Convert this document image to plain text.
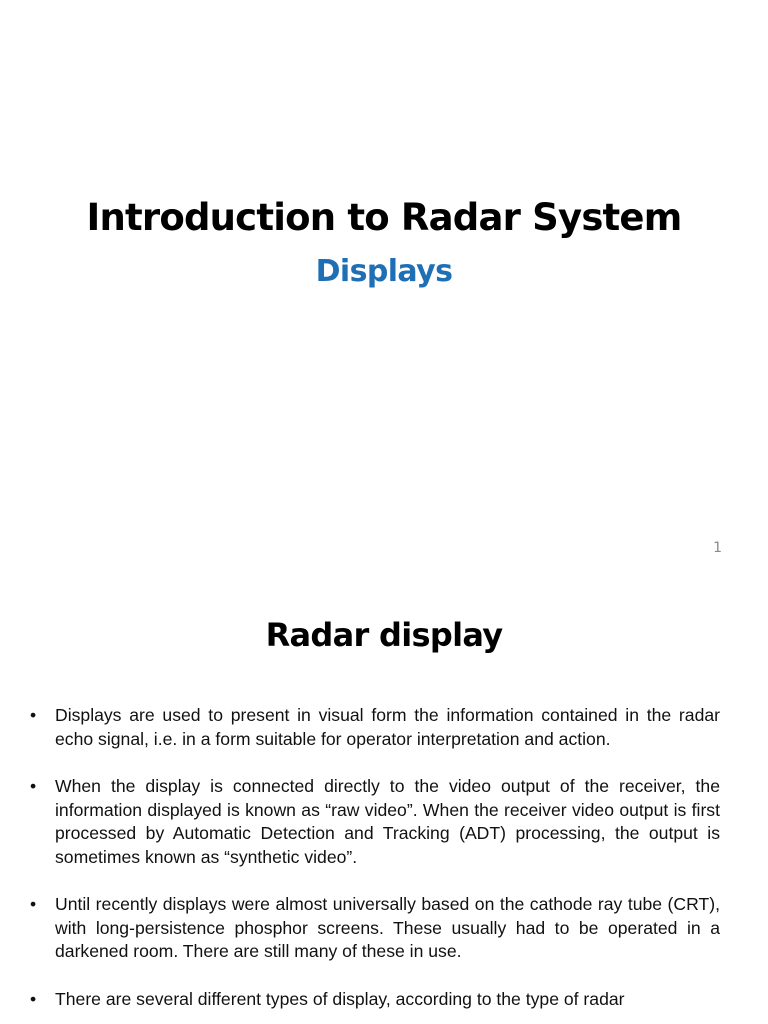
Introduction to Radar System
Displays
1
Radar display
• Displays are used to present in visual form the information contained in the radar echo signal, i.e. in a form suitable for operator interpretation and action.
• When the display is connected directly to the video output of the receiver, the information displayed is known as “raw video”. When the receiver video output is first processed by Automatic Detection and Tracking (ADT) processing, the output is sometimes known as “synthetic video”.
• Until recently displays were almost universally based on the cathode ray tube (CRT), with long-persistence phosphor screens. These usually had to be operated in a darkened room. There are still many of these in use.
• There are several different types of display, according to the type of radar
